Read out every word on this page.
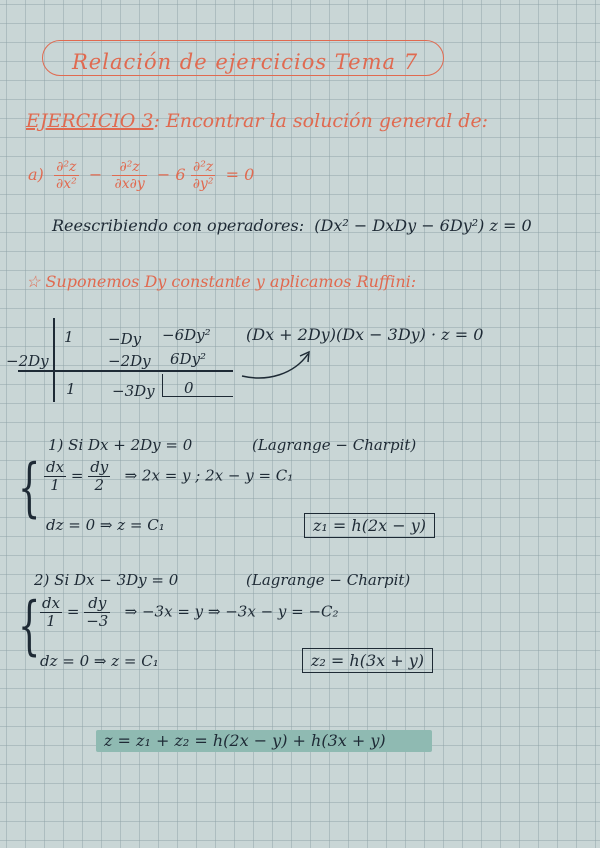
Relación de ejercicios Tema 7
EJERCICIO 3: Encontrar la solución general de:
$a) \frac{\text{∂²z}}{\text{∂x²}} - \frac{\text{∂²z}}{\partial x\partial y} - 6 \frac{\text{∂²z}}{\text{∂y²}} = 0$
Reescribiendo con operadores: (Dx² − DxDy − 6Dy²) z = 0
☆ Suponemos Dy constante y aplicamos Ruffini:
1 −Dy −6Dy²
−2Dy	−2Dy 6Dy²
1 −3Dy 0
(Dx + 2Dy)(Dx − 3Dy) · z = 0
1) Si Dx + 2Dy = 0	(Lagrange − Charpit)
{ $\frac{dx}{1} = \frac{dy}{2}$ ⇒ 2x = y ; 2x − y = C₁
dz = 0 ⇒ z = C₁	z₁ = h(2x − y)
2) Si Dx − 3Dy = 0	(Lagrange − Charpit)
{ $\frac{dx}{1} = \frac{dy}{-3}$ ⇒ −3x = y ⇒ −3x − y = −C₂
dz = 0 ⇒ z = C₁	z₂ = h(3x + y)
z = z₁ + z₂ = h(2x − y) + h(3x + y)
